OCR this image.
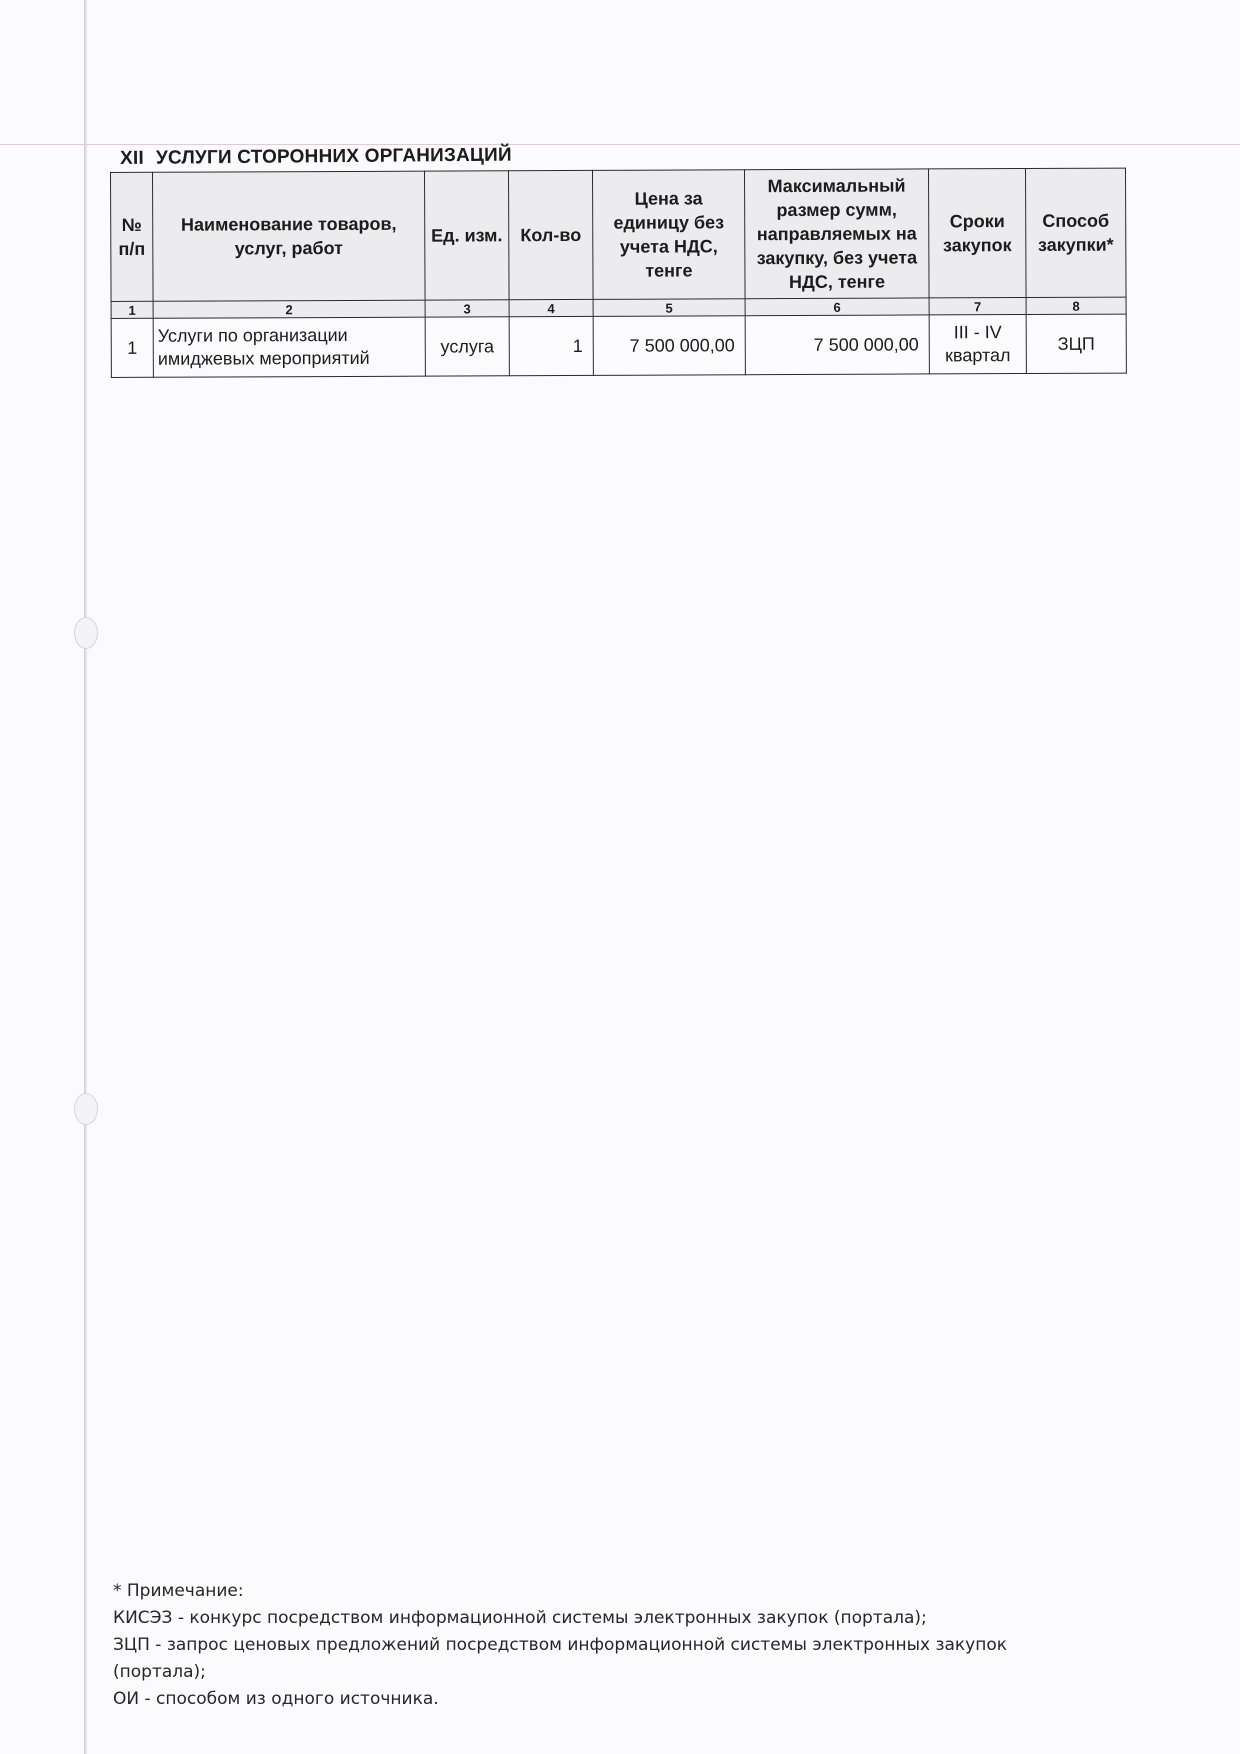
XII УСЛУГИ СТОРОННИХ ОРГАНИЗАЦИЙ
№ п/п	Наименование товаров, услуг, работ	Ед. изм.	Кол-во	Цена за единицу без учета НДС, тенге	Максимальный размер сумм, направляемых на закупку, без учета НДС, тенге	Сроки закупок	Способ закупки*
1	2	3	4	5	6	7	8
1	Услуги по организации имиджевых мероприятий	услуга	1	7 500 000,00	7 500 000,00	III - IV квартал	ЗЦП

* Примечание:

КИСЭЗ - конкурс посредством информационной системы электронных закупок (портала);

ЗЦП - запрос ценовых предложений посредством информационной системы электронных закупок (портала);

ОИ - способом из одного источника.
